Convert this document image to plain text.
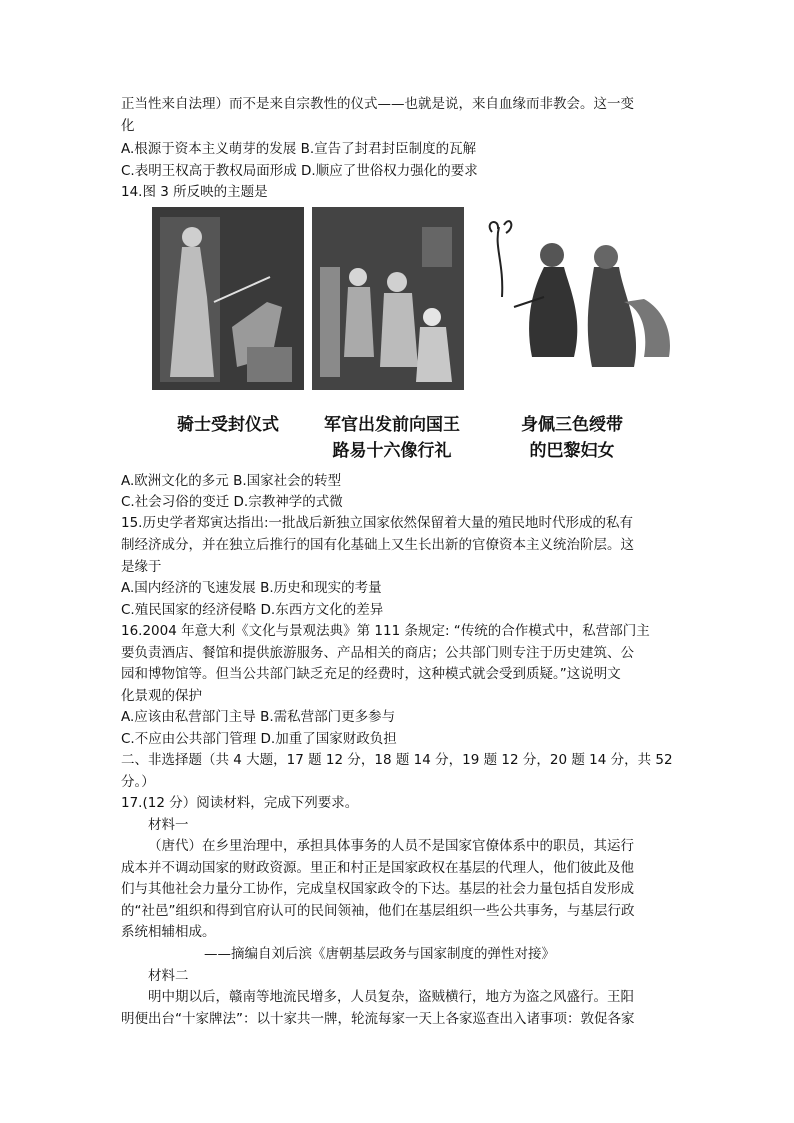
正当性来自法理）而不是来自宗教性的仪式——也就是说，来自血缘而非教会。这一变
化
A.根源于资本主义萌芽的发展 B.宣告了封君封臣制度的瓦解
C.表明王权高于教权局面形成 D.顺应了世俗权力强化的要求
14.图 3 所反映的主题是
骑士受封仪式	军官出发前向国王
路易十六像行礼
身佩三色绶带
的巴黎妇女
A.欧洲文化的多元 B.国家社会的转型
C.社会习俗的变迁 D.宗教神学的式微
15.历史学者郑寅达指出:一批战后新独立国家依然保留着大量的殖民地时代形成的私有
制经济成分，并在独立后推行的国有化基础上又生长出新的官僚资本主义统治阶层。这
是缘于
A.国内经济的飞速发展 B.历史和现实的考量
C.殖民国家的经济侵略 D.东西方文化的差异
16.2004 年意大利《文化与景观法典》第 111 条规定: “传统的合作模式中，私营部门主
要负责酒店、餐馆和提供旅游服务、产品相关的商店；公共部门则专注于历史建筑、公
园和博物馆等。但当公共部门缺乏充足的经费时，这种模式就会受到质疑。”这说明文
化景观的保护
A.应该由私营部门主导 B.需私营部门更多参与
C.不应由公共部门管理 D.加重了国家财政负担
二、非选择题（共 4 大题，17 题 12 分，18 题 14 分，19 题 12 分，20 题 14 分，共 52
分。）
17.(12 分）阅读材料，完成下列要求。
材料一
（唐代）在乡里治理中，承担具体事务的人员不是国家官僚体系中的职员，其运行
成本并不调动国家的财政资源。里正和村正是国家政权在基层的代理人，他们彼此及他
们与其他社会力量分工协作，完成皇权国家政令的下达。基层的社会力量包括自发形成
的“社邑”组织和得到官府认可的民间领袖，他们在基层组织一些公共事务，与基层行政
系统相辅相成。
——摘编自刘后滨《唐朝基层政务与国家制度的弹性对接》
材料二
明中期以后，赣南等地流民增多，人员复杂，盗贼横行，地方为盗之风盛行。王阳
明便出台“十家牌法”：以十家共一牌，轮流每家一天上各家巡查出入诸事项：敦促各家
